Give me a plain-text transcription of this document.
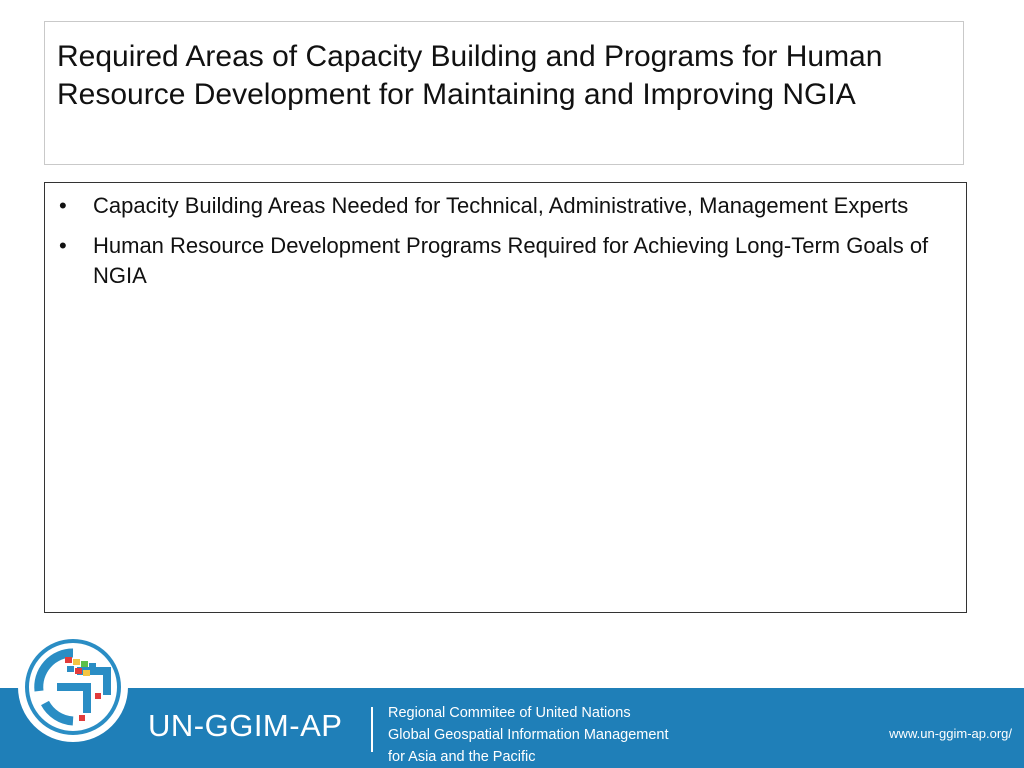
Required Areas of Capacity Building and Programs for Human Resource Development for Maintaining and Improving NGIA
• Capacity Building Areas Needed for Technical, Administrative, Management Experts
• Human Resource Development Programs Required for Achieving Long-Term Goals of NGIA
UN-GGIM-AP	Regional Commitee of United Nations
Global Geospatial Information Management
for Asia and the Pacific
www.un-ggim-ap.org/
